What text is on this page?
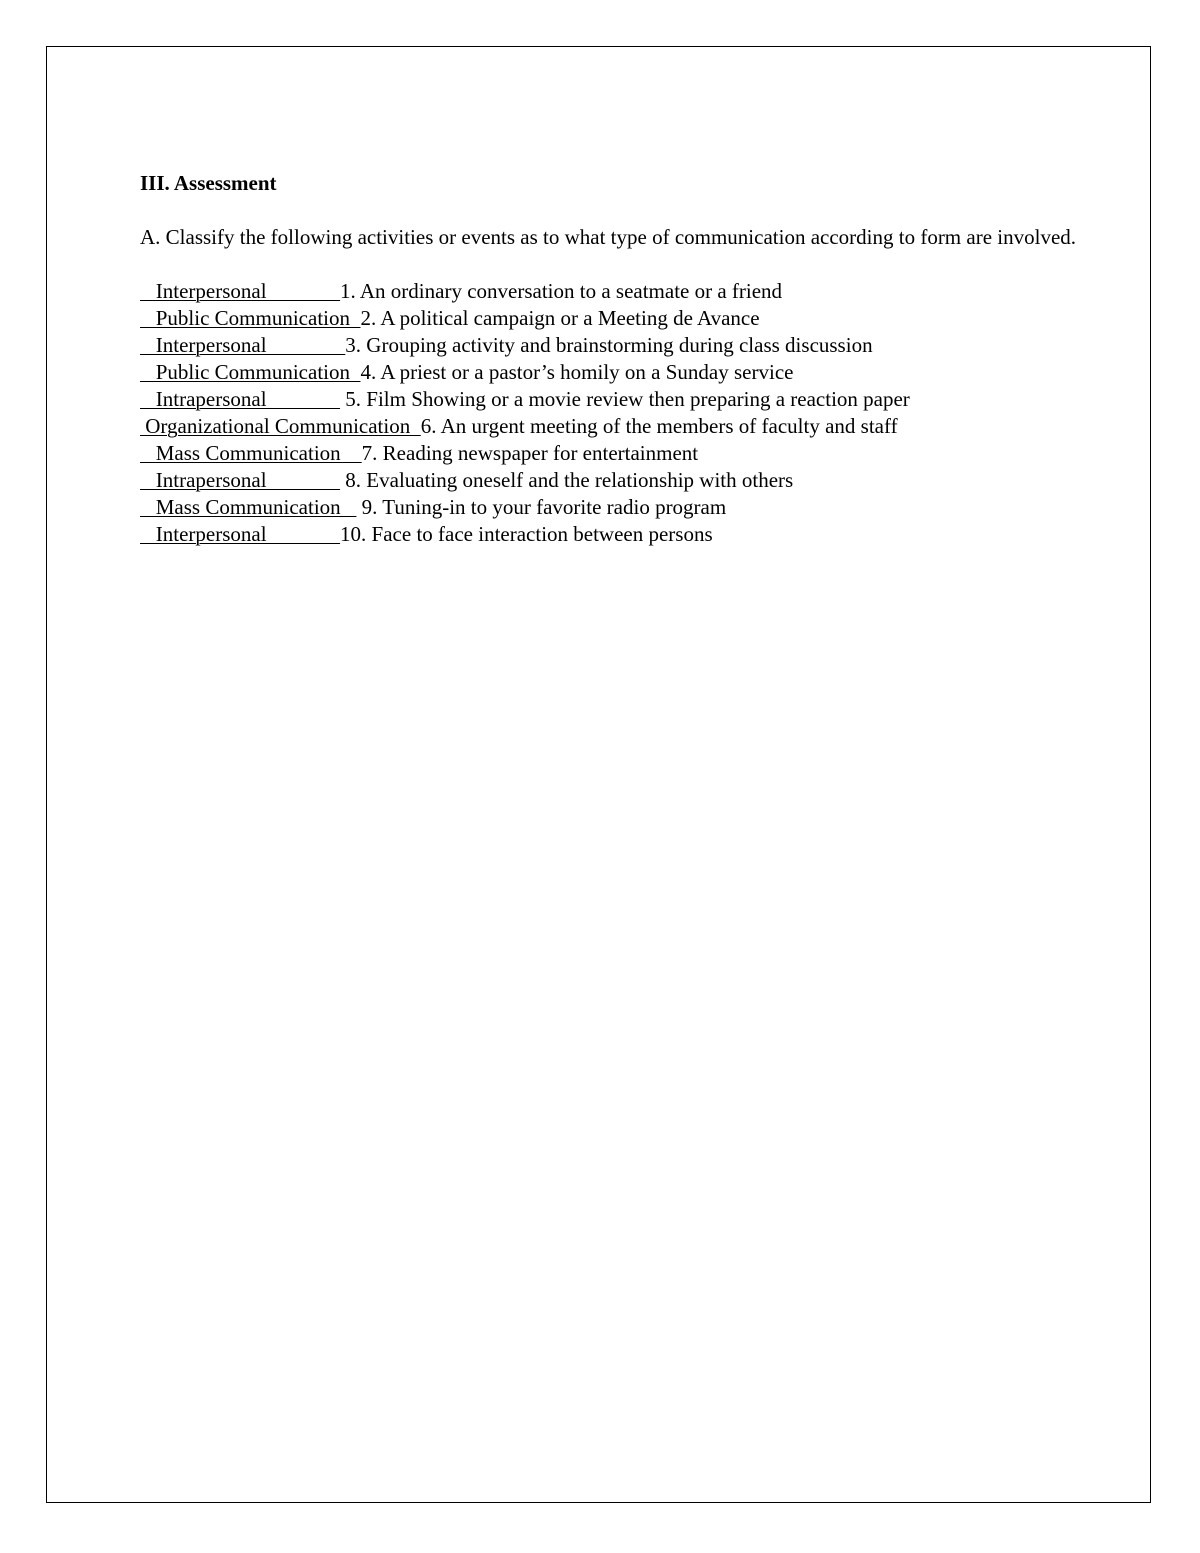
III. Assessment

A. Classify the following activities or events as to what type of communication according to form are involved.

Interpersonal              1. An ordinary conversation to a seatmate or a friend
Public Communication  2. A political campaign or a Meeting de Avance
Interpersonal               3. Grouping activity and brainstorming during class discussion
Public Communication  4. A priest or a pastor’s homily on a Sunday service
Intrapersonal               5. Film Showing or a movie review then preparing a reaction paper
Organizational Communication  6. An urgent meeting of the members of faculty and staff
Mass Communication    7. Reading newspaper for entertainment
Intrapersonal               8. Evaluating oneself and the relationship with others
Mass Communication    9. Tuning-in to your favorite radio program
Interpersonal              10. Face to face interaction between persons
